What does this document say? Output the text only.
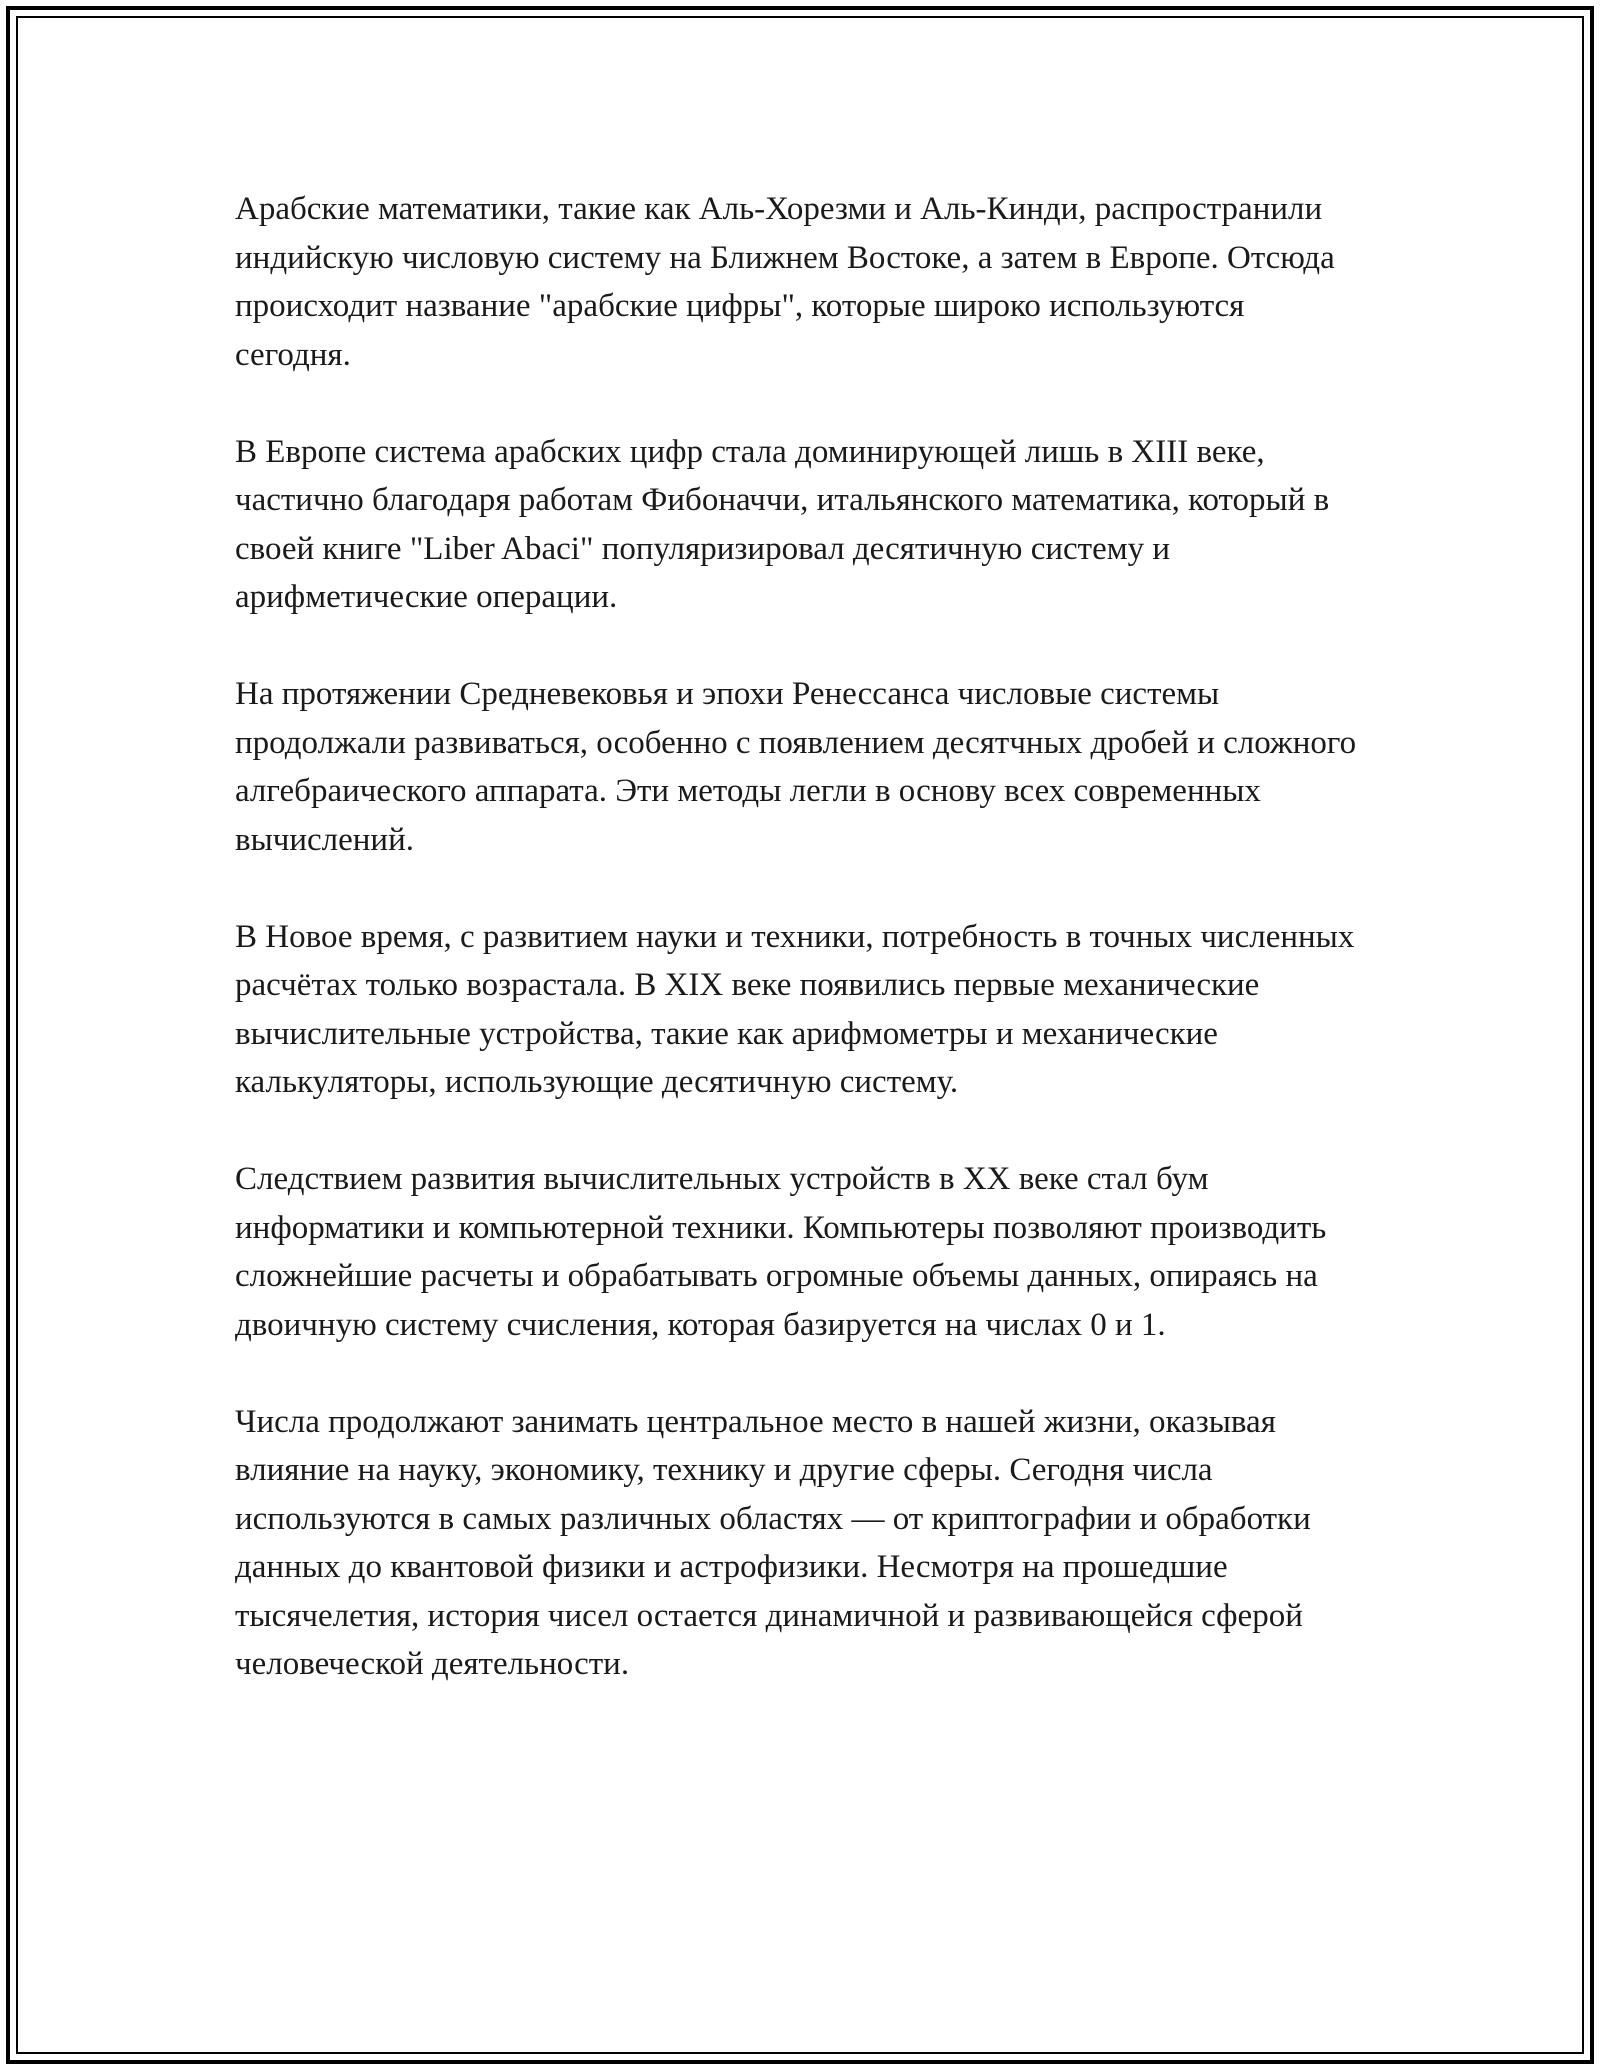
Арабские математики, такие как Аль-Хорезми и Аль-Кинди, распространили индийскую числовую систему на Ближнем Востоке, а затем в Европе. Отсюда происходит название "арабские цифры", которые широко используются сегодня.

В Европе система арабских цифр стала доминирующей лишь в XIII веке, частично благодаря работам Фибоначчи, итальянского математика, который в своей книге "Liber Abaci" популяризировал десятичную систему и арифметические операции.

На протяжении Средневековья и эпохи Ренессанса числовые системы продолжали развиваться, особенно с появлением десятчных дробей и сложного алгебраического аппарата. Эти методы легли в основу всех современных вычислений.

В Новое время, с развитием науки и техники, потребность в точных численных расчётах только возрастала. В XIX веке появились первые механические вычислительные устройства, такие как арифмометры и механические калькуляторы, использующие десятичную систему.

Следствием развития вычислительных устройств в XX веке стал бум информатики и компьютерной техники. Компьютеры позволяют производить сложнейшие расчеты и обрабатывать огромные объемы данных, опираясь на двоичную систему счисления, которая базируется на числах 0 и 1.

Числа продолжают занимать центральное место в нашей жизни, оказывая влияние на науку, экономику, технику и другие сферы. Сегодня числа используются в самых различных областях — от криптографии и обработки данных до квантовой физики и астрофизики. Несмотря на прошедшие тысячелетия, история чисел остается динамичной и развивающейся сферой человеческой деятельности.
